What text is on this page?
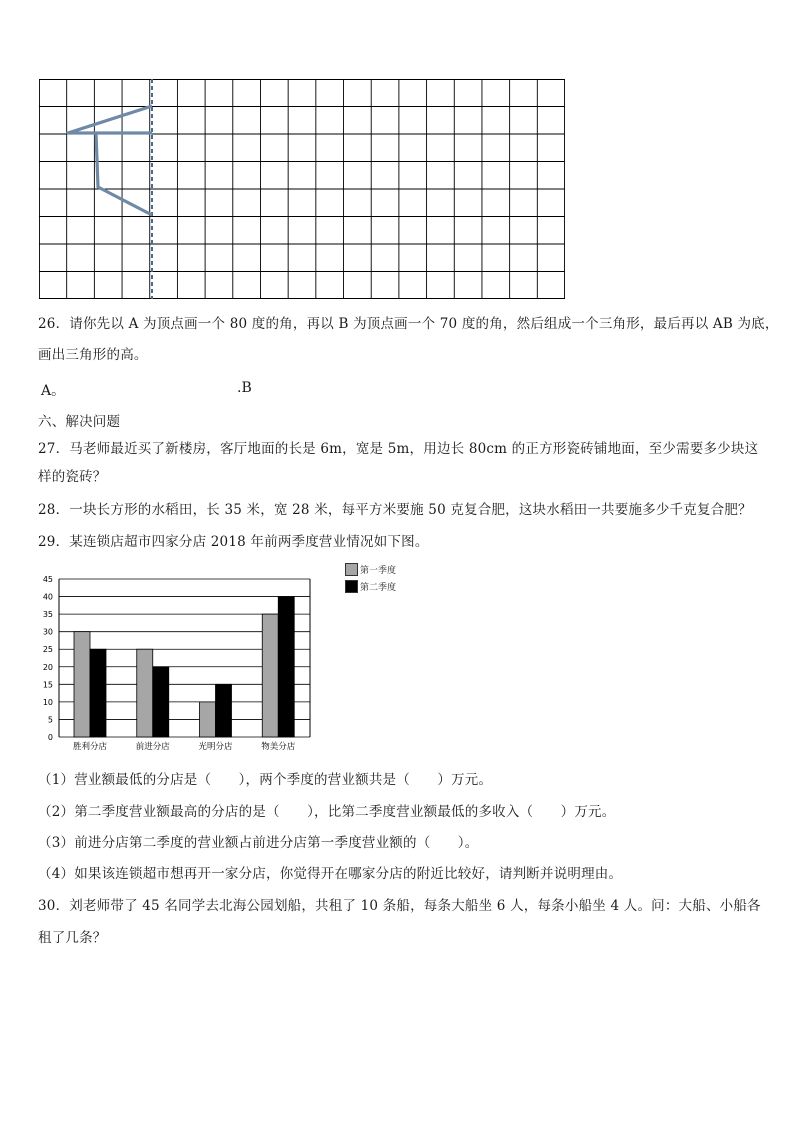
26．请你先以 A 为顶点画一个 80 度的角，再以 B 为顶点画一个 70 度的角，然后组成一个三角形，最后再以 AB 为底，
画出三角形的高。
A。	.B
六、解决问题
27．马老师最近买了新楼房，客厅地面的长是 6m，宽是 5m，用边长 80cm 的正方形瓷砖铺地面，至少需要多少块这
样的瓷砖？
28．一块长方形的水稻田，长 35 米，宽 28 米，每平方米要施 50 克复合肥，这块水稻田一共要施多少千克复合肥？
29．某连锁店超市四家分店 2018 年前两季度营业情况如下图。
0
5
10
15
20
25
30
35
40
45
胜利分店	前进分店	光明分店	物美分店
第一季度
第二季度
（1）营业额最低的分店是（　　），两个季度的营业额共是（　　）万元。
（2）第二季度营业额最高的分店的是（　　），比第二季度营业额最低的多收入（　　）万元。
（3）前进分店第二季度的营业额占前进分店第一季度营业额的（　　）。
（4）如果该连锁超市想再开一家分店，你觉得开在哪家分店的附近比较好，请判断并说明理由。
30．刘老师带了 45 名同学去北海公园划船，共租了 10 条船，每条大船坐 6 人，每条小船坐 4 人。问：大船、小船各
租了几条？
